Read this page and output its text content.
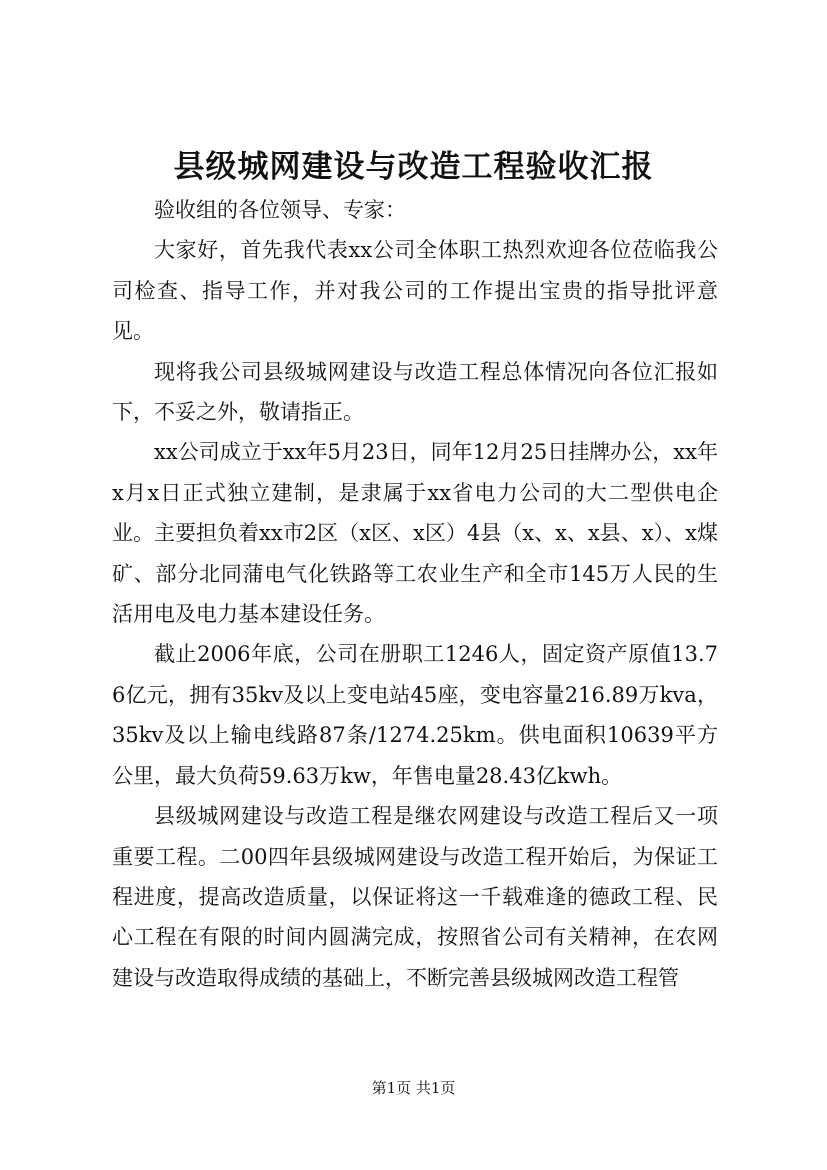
县级城网建设与改造工程验收汇报

验收组的各位领导、专家：

大家好，首先我代表xx公司全体职工热烈欢迎各位莅临我公司检查、指导工作，并对我公司的工作提出宝贵的指导批评意见。

现将我公司县级城网建设与改造工程总体情况向各位汇报如下，不妥之外，敬请指正。

xx公司成立于xx年5月23日，同年12月25日挂牌办公，xx年x月x日正式独立建制，是隶属于xx省电力公司的大二型供电企业。主要担负着xx市2区（x区、x区）4县（x、x、x县、x）、x煤矿、部分北同蒲电气化铁路等工农业生产和全市145万人民的生活用电及电力基本建设任务。

截止2006年底，公司在册职工1246人，固定资产原值13.76亿元，拥有35kv及以上变电站45座，变电容量216.89万kva，35kv及以上输电线路87条/1274.25km。供电面积10639平方公里，最大负荷59.63万kw，年售电量28.43亿kwh。

县级城网建设与改造工程是继农网建设与改造工程后又一项重要工程。二00四年县级城网建设与改造工程开始后，为保证工程进度，提高改造质量，以保证将这一千载难逢的德政工程、民心工程在有限的时间内圆满完成，按照省公司有关精神，在农网建设与改造取得成绩的基础上，不断完善县级城网改造工程管

第1页 共1页
